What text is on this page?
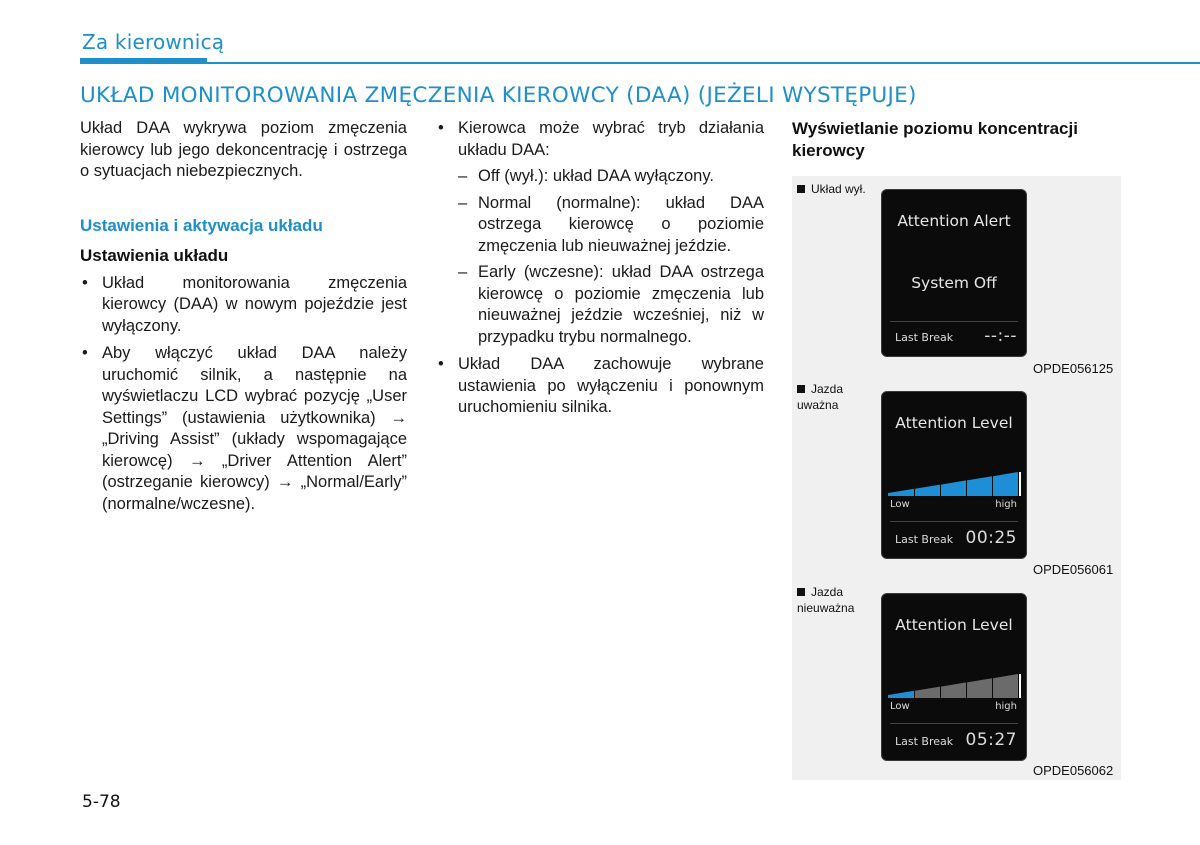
Za kierownicą
UKŁAD MONITOROWANIA ZMĘCZENIA KIEROWCY (DAA) (JEŻELI WYSTĘPUJE)

Układ DAA wykrywa poziom zmęczenia kierowcy lub jego dekoncentrację i ostrzega o sytuacjach niebezpiecznych.

Ustawienia i aktywacja układu

Ustawienia układu

• Układ monitorowania zmęczenia kierowcy (DAA) w nowym pojeździe jest wyłączony.

• Aby włączyć układ DAA należy uruchomić silnik, a następnie na wyświetlaczu LCD wybrać pozycję „User Settings” (ustawienia użytkownika) → „Driving Assist” (układy wspomagające kierowcę) → „Driver Attention Alert” (ostrzeganie kierowcy) → „Normal/Early” (normalne/wczesne).

• Kierowca może wybrać tryb działania układu DAA:

– Off (wył.): układ DAA wyłączony.

– Normal (normalne): układ DAA ostrzega kierowcę o poziomie zmęczenia lub nieuważnej jeździe.

– Early (wczesne): układ DAA ostrzega kierowcę o poziomie zmęczenia lub nieuważnej jeździe wcześniej, niż w przypadku trybu normalnego.

• Układ DAA zachowuje wybrane ustawienia po wyłączeniu i ponownym uruchomieniu silnika.

Wyświetlanie poziomu koncentracji kierowcy
Układ wył.
Attention Alert
System Off
Last Break --:--
OPDE056125
Jazda uważna
Attention Level
Low	high
Last Break 00:25
OPDE056061
Jazda nieuważna
Attention Level
Low	high
Last Break 05:27
OPDE056062
5-78
